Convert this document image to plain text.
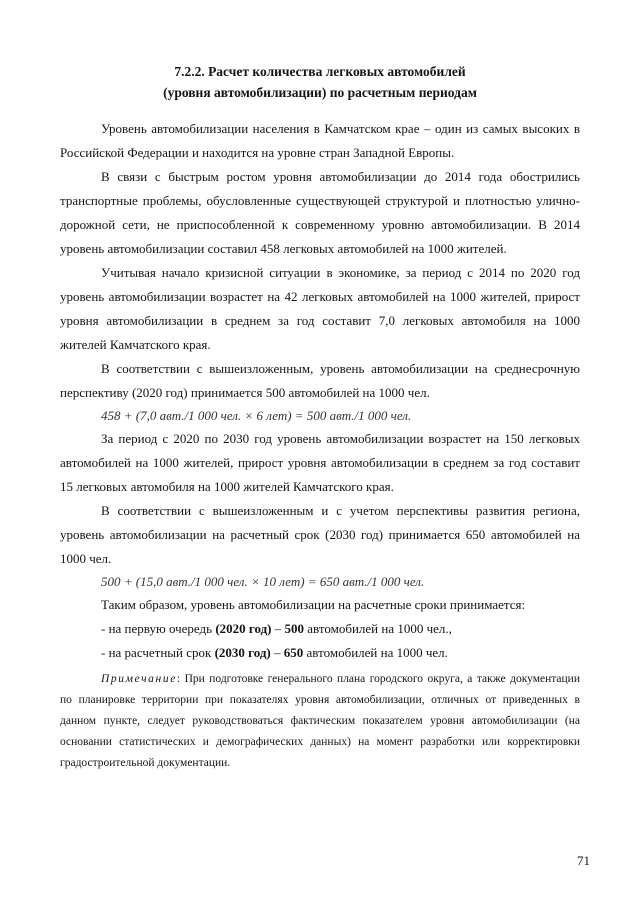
7.2.2. Расчет количества легковых автомобилей
(уровня автомобилизации) по расчетным периодам

Уровень автомобилизации населения в Камчатском крае – один из самых высоких в Российской Федерации и находится на уровне стран Западной Европы.

В связи с быстрым ростом уровня автомобилизации до 2014 года обострились транспортные проблемы, обусловленные существующей структурой и плотностью улично-дорожной сети, не приспособленной к современному уровню автомобилизации. В 2014 уровень автомобилизации составил 458 легковых автомобилей на 1000 жителей.

Учитывая начало кризисной ситуации в экономике, за период с 2014 по 2020 год уровень автомобилизации возрастет на 42 легковых автомобилей на 1000 жителей, прирост уровня автомобилизации в среднем за год составит 7,0 легковых автомобиля на 1000 жителей Камчатского края.

В соответствии с вышеизложенным, уровень автомобилизации на среднесрочную перспективу (2020 год) принимается 500 автомобилей на 1000 чел.

458 + (7,0 авт./1 000 чел. × 6 лет) = 500 авт./1 000 чел.

За период с 2020 по 2030 год уровень автомобилизации возрастет на 150 легковых автомобилей на 1000 жителей, прирост уровня автомобилизации в среднем за год составит 15 легковых автомобиля на 1000 жителей Камчатского края.

В соответствии с вышеизложенным и с учетом перспективы развития региона, уровень автомобилизации на расчетный срок (2030 год) принимается 650 автомобилей на 1000 чел.

500 + (15,0 авт./1 000 чел. × 10 лет) = 650 авт./1 000 чел.

Таким образом, уровень автомобилизации на расчетные сроки принимается:

- на первую очередь (2020 год) – 500 автомобилей на 1000 чел.,

- на расчетный срок (2030 год) – 650 автомобилей на 1000 чел.

Примечание: При подготовке генерального плана городского округа, а также документации по планировке территории при показателях уровня автомобилизации, отличных от приведенных в данном пункте, следует руководствоваться фактическим показателем уровня автомобилизации (на основании статистических и демографических данных) на момент разработки или корректировки градостроительной документации.

71
